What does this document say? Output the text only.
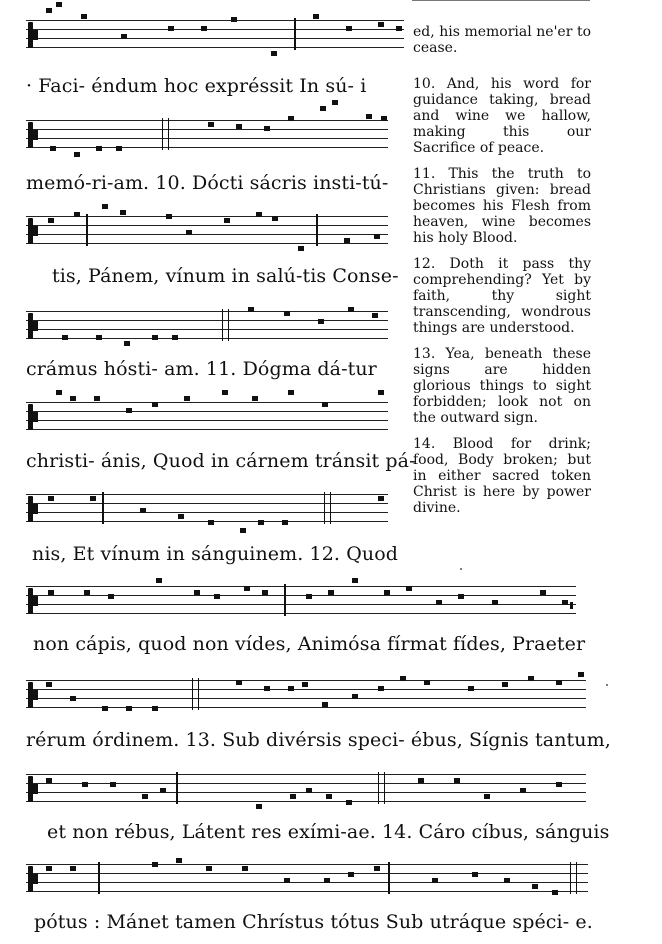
· Faci- éndum hoc expréssit In sú- i
memó-ri-am. 10. Dócti sácris insti-tú-
tis, Pánem, vínum in salú-tis Conse-
crámus hósti- am. 11. Dógma dá-tur
christi- ánis, Quod in cárnem tránsit pá-
nis, Et vínum in sánguinem. 12. Quod
non cápis, quod non vídes, Animósa fírmat fídes, Praeter
rérum órdinem. 13. Sub divérsis speci- ébus, Sígnis tantum,
et non rébus, Látent res exími-ae. 14. Cáro cíbus, sánguis
pótus : Mánet tamen Chrístus tótus Sub utráque spéci- e.

ed, his memorial ne'er to cease.

10. And, his word for guidance taking, bread and wine we hallow, making this our Sacrifice of peace.

11. This the truth to Christians given: bread becomes his Flesh from heaven, wine becomes his holy Blood.

12. Doth it pass thy comprehending? Yet by faith, thy sight transcending, wondrous things are understood.

13. Yea, beneath these signs are hidden glorious things to sight forbidden; look not on the outward sign.

14. Blood for drink; food, Body broken; but in either sacred token Christ is here by power divine.
